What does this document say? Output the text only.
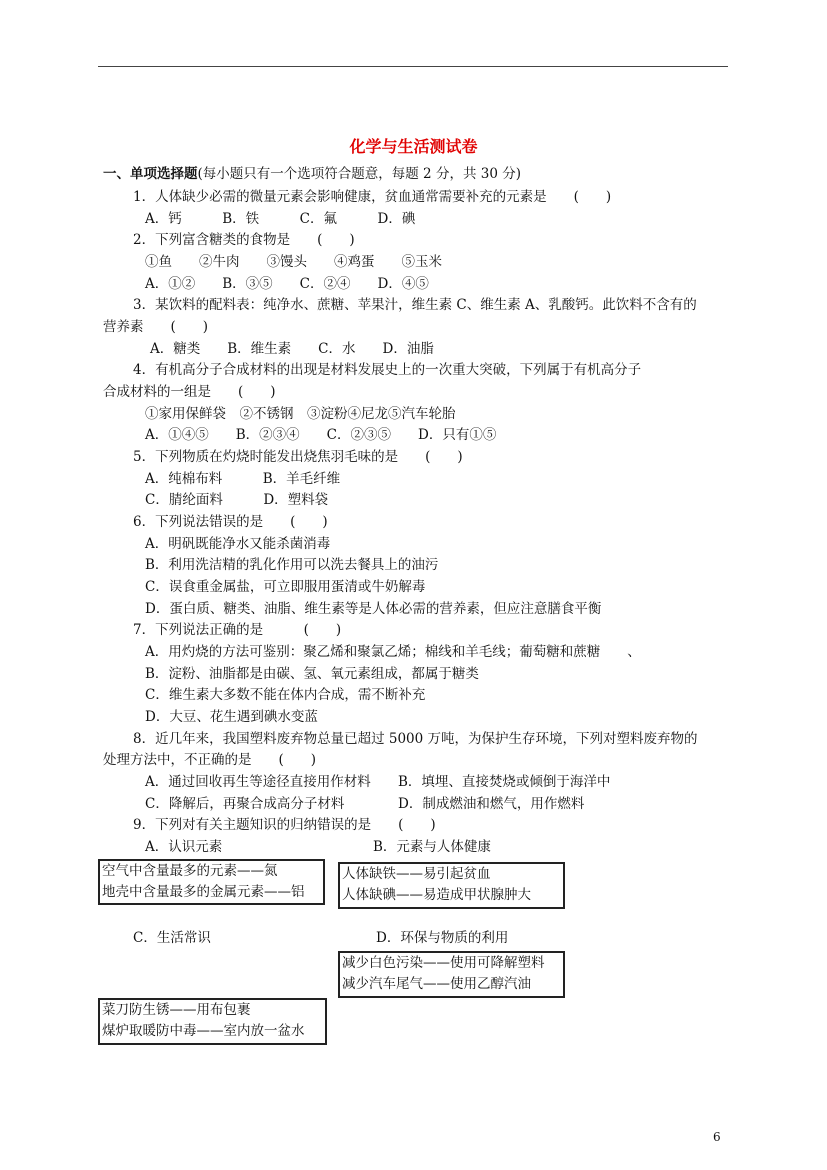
化学与生活测试卷
一、单项选择题(每小题只有一个选项符合题意，每题 2 分，共 30 分)
1．人体缺少必需的微量元素会影响健康，贫血通常需要补充的元素是　　(　　)
A．钙　　　B．铁　　　C．氟　　　D．碘
2．下列富含糖类的食物是　　(　　)
①鱼　　②牛肉　　③馒头　　④鸡蛋　　⑤玉米
A．①②　　B．③⑤　　C．②④　　D．④⑤
3．某饮料的配料表：纯净水、蔗糖、苹果汁，维生素 C、维生素 A、乳酸钙。此饮料不含有的
营养素　　(　　)
A．糖类　　B．维生素　　C．水　　D．油脂
4．有机高分子合成材料的出现是材料发展史上的一次重大突破，下列属于有机高分子
合成材料的一组是　　(　　)
①家用保鲜袋　②不锈钢　③淀粉④尼龙⑤汽车轮胎
A．①④⑤　　B．②③④　　C．②③⑤　　D．只有①⑤
5．下列物质在灼烧时能发出烧焦羽毛味的是　　(　　)
A．纯棉布料　　　B．羊毛纤维
C．腈纶面料　　　D．塑料袋
6．下列说法错误的是　　(　　)
A．明矾既能净水又能杀菌消毒
B．利用洗洁精的乳化作用可以洗去餐具上的油污
C．误食重金属盐，可立即服用蛋清或牛奶解毒
D．蛋白质、糖类、油脂、维生素等是人体必需的营养素，但应注意膳食平衡
7．下列说法正确的是　　　(　　)
A．用灼烧的方法可鉴别：聚乙烯和聚氯乙烯；棉线和羊毛线；葡萄糖和蔗糖　　、
B．淀粉、油脂都是由碳、氢、氧元素组成，都属于糖类
C．维生素大多数不能在体内合成，需不断补充
D．大豆、花生遇到碘水变蓝
8．近几年来，我国塑料废弃物总量已超过 5000 万吨，为保护生存环境，下列对塑料废弃物的
处理方法中，不正确的是　　(　　)
A．通过回收再生等途径直接用作材料 B．填埋、直接焚烧或倾倒于海洋中
C．降解后，再聚合成高分子材料	D．制成燃油和燃气，用作燃料
9．下列对有关主题知识的归纳错误的是　　(　　)
A．认识元素	B．元素与人体健康
空气中含量最多的元素——氮
地壳中含量最多的金属元素——铝
人体缺铁——易引起贫血
人体缺碘——易造成甲状腺肿大
C．生活常识	D．环保与物质的利用
减少白色污染——使用可降解塑料
减少汽车尾气——使用乙醇汽油
菜刀防生锈——用布包裹
煤炉取暖防中毒——室内放一盆水
6
